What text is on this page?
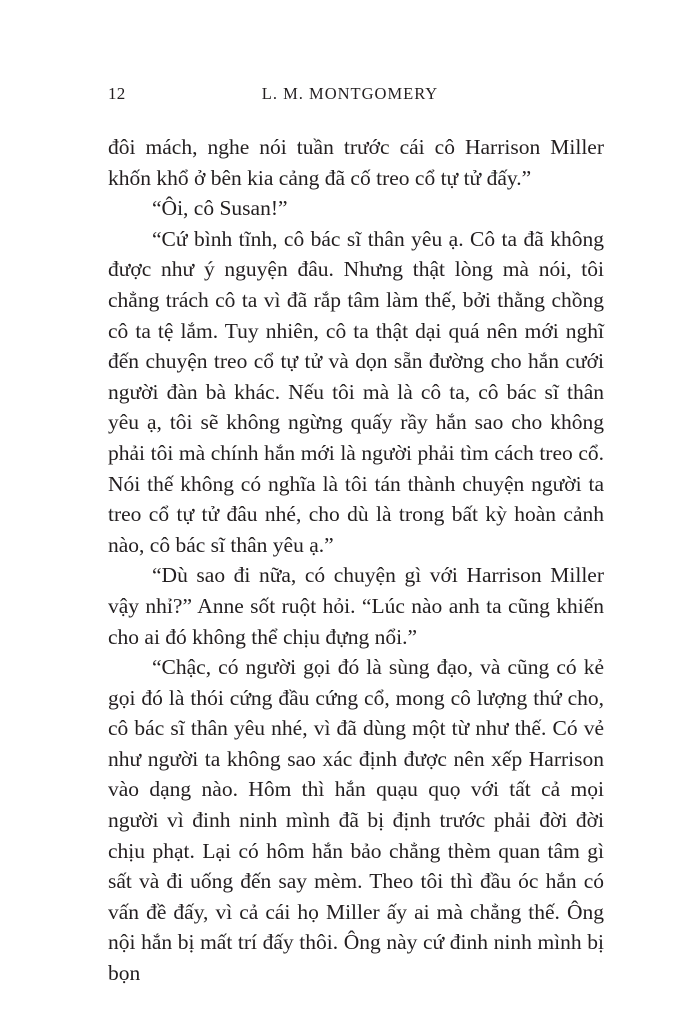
12	L. M. MONTGOMERY

đôi mách, nghe nói tuần trước cái cô Harrison Miller khốn khổ ở bên kia cảng đã cố treo cổ tự tử đấy.”

“Ôi, cô Susan!”

“Cứ bình tĩnh, cô bác sĩ thân yêu ạ. Cô ta đã không được như ý nguyện đâu. Nhưng thật lòng mà nói, tôi chẳng trách cô ta vì đã rắp tâm làm thế, bởi thằng chồng cô ta tệ lắm. Tuy nhiên, cô ta thật dại quá nên mới nghĩ đến chuyện treo cổ tự tử và dọn sẵn đường cho hắn cưới người đàn bà khác. Nếu tôi mà là cô ta, cô bác sĩ thân yêu ạ, tôi sẽ không ngừng quấy rầy hắn sao cho không phải tôi mà chính hắn mới là người phải tìm cách treo cổ. Nói thế không có nghĩa là tôi tán thành chuyện người ta treo cổ tự tử đâu nhé, cho dù là trong bất kỳ hoàn cảnh nào, cô bác sĩ thân yêu ạ.”

“Dù sao đi nữa, có chuyện gì với Harrison Miller vậy nhỉ?” Anne sốt ruột hỏi. “Lúc nào anh ta cũng khiến cho ai đó không thể chịu đựng nổi.”

“Chậc, có người gọi đó là sùng đạo, và cũng có kẻ gọi đó là thói cứng đầu cứng cổ, mong cô lượng thứ cho, cô bác sĩ thân yêu nhé, vì đã dùng một từ như thế. Có vẻ như người ta không sao xác định được nên xếp Harrison vào dạng nào. Hôm thì hắn quạu quọ với tất cả mọi người vì đinh ninh mình đã bị định trước phải đời đời chịu phạt. Lại có hôm hắn bảo chẳng thèm quan tâm gì sất và đi uống đến say mèm. Theo tôi thì đầu óc hắn có vấn đề đấy, vì cả cái họ Miller ấy ai mà chẳng thế. Ông nội hắn bị mất trí đấy thôi. Ông này cứ đinh ninh mình bị bọn
